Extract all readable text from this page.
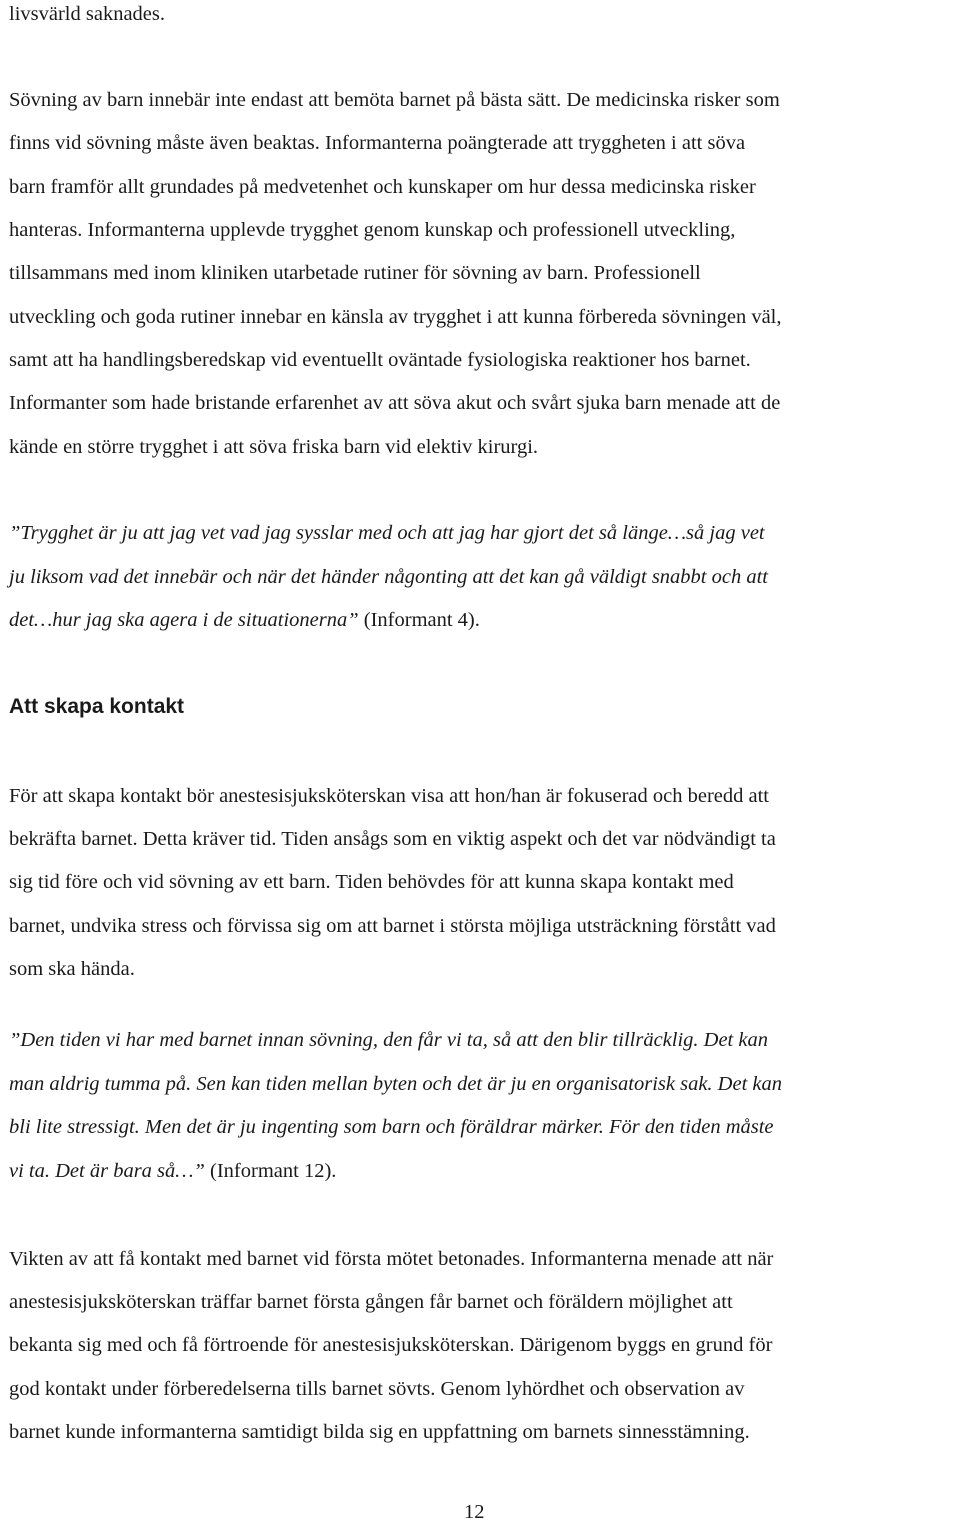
livsvärld saknades.
Sövning av barn innebär inte endast att bemöta barnet på bästa sätt. De medicinska risker som
finns vid sövning måste även beaktas. Informanterna poängterade att tryggheten i att söva
barn framför allt grundades på medvetenhet och kunskaper om hur dessa medicinska risker
hanteras. Informanterna upplevde trygghet genom kunskap och professionell utveckling,
tillsammans med inom kliniken utarbetade rutiner för sövning av barn. Professionell
utveckling och goda rutiner innebar en känsla av trygghet i att kunna förbereda sövningen väl,
samt att ha handlingsberedskap vid eventuellt oväntade fysiologiska reaktioner hos barnet.
Informanter som hade bristande erfarenhet av att söva akut och svårt sjuka barn menade att de
kände en större trygghet i att söva friska barn vid elektiv kirurgi.
”Trygghet är ju att jag vet vad jag sysslar med och att jag har gjort det så länge…så jag vet
ju liksom vad det innebär och när det händer någonting att det kan gå väldigt snabbt och att
det…hur jag ska agera i de situationerna” (Informant 4).
Att skapa kontakt
För att skapa kontakt bör anestesisjuksköterskan visa att hon/han är fokuserad och beredd att
bekräfta barnet. Detta kräver tid. Tiden ansågs som en viktig aspekt och det var nödvändigt ta
sig tid före och vid sövning av ett barn. Tiden behövdes för att kunna skapa kontakt med
barnet, undvika stress och förvissa sig om att barnet i största möjliga utsträckning förstått vad
som ska hända.
”Den tiden vi har med barnet innan sövning, den får vi ta, så att den blir tillräcklig. Det kan
man aldrig tumma på. Sen kan tiden mellan byten och det är ju en organisatorisk sak. Det kan
bli lite stressigt. Men det är ju ingenting som barn och föräldrar märker. För den tiden måste
vi ta. Det är bara så…” (Informant 12).
Vikten av att få kontakt med barnet vid första mötet betonades. Informanterna menade att när
anestesisjuksköterskan träffar barnet första gången får barnet och föräldern möjlighet att
bekanta sig med och få förtroende för anestesisjuksköterskan. Därigenom byggs en grund för
god kontakt under förberedelserna tills barnet sövts. Genom lyhördhet och observation av
barnet kunde informanterna samtidigt bilda sig en uppfattning om barnets sinnesstämning.
12
